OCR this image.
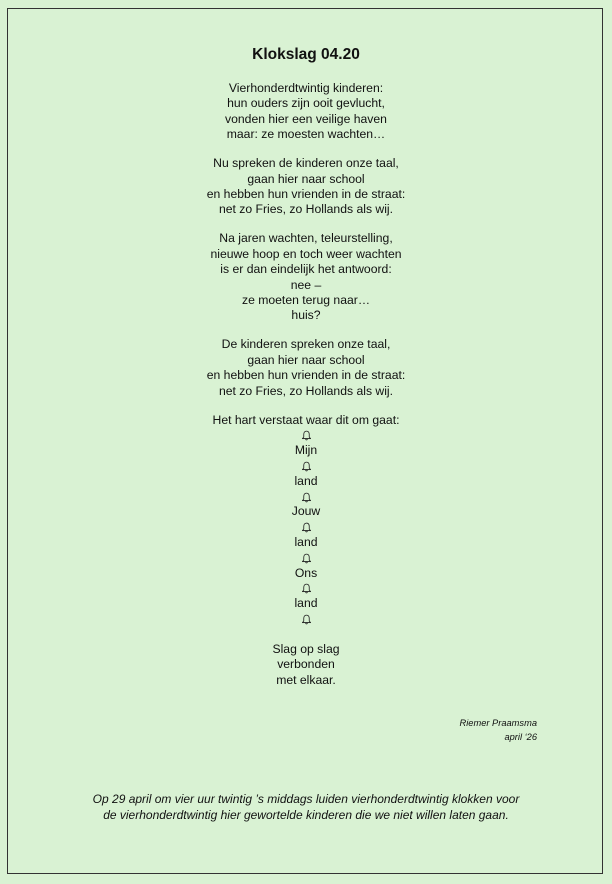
Klokslag 04.20
Vierhonderdtwintig kinderen:
hun ouders zijn ooit gevlucht,
vonden hier een veilige haven
maar: ze moesten wachten…
Nu spreken de kinderen onze taal,
gaan hier naar school
en hebben hun vrienden in de straat:
net zo Fries, zo Hollands als wij.
Na jaren wachten, teleurstelling,
nieuwe hoop en toch weer wachten
is er dan eindelijk het antwoord:
nee –
ze moeten terug naar…
huis?
De kinderen spreken onze taal,
gaan hier naar school
en hebben hun vrienden in de straat:
net zo Fries, zo Hollands als wij.
Het hart verstaat waar dit om gaat:
Mijn
land
Jouw
land
Ons
land
Slag op slag
verbonden
met elkaar.
Riemer Praamsma
april ‘26
Op 29 april om vier uur twintig ’s middags luiden vierhonderdtwintig klokken voor
de vierhonderdtwintig hier gewortelde kinderen die we niet willen laten gaan.
